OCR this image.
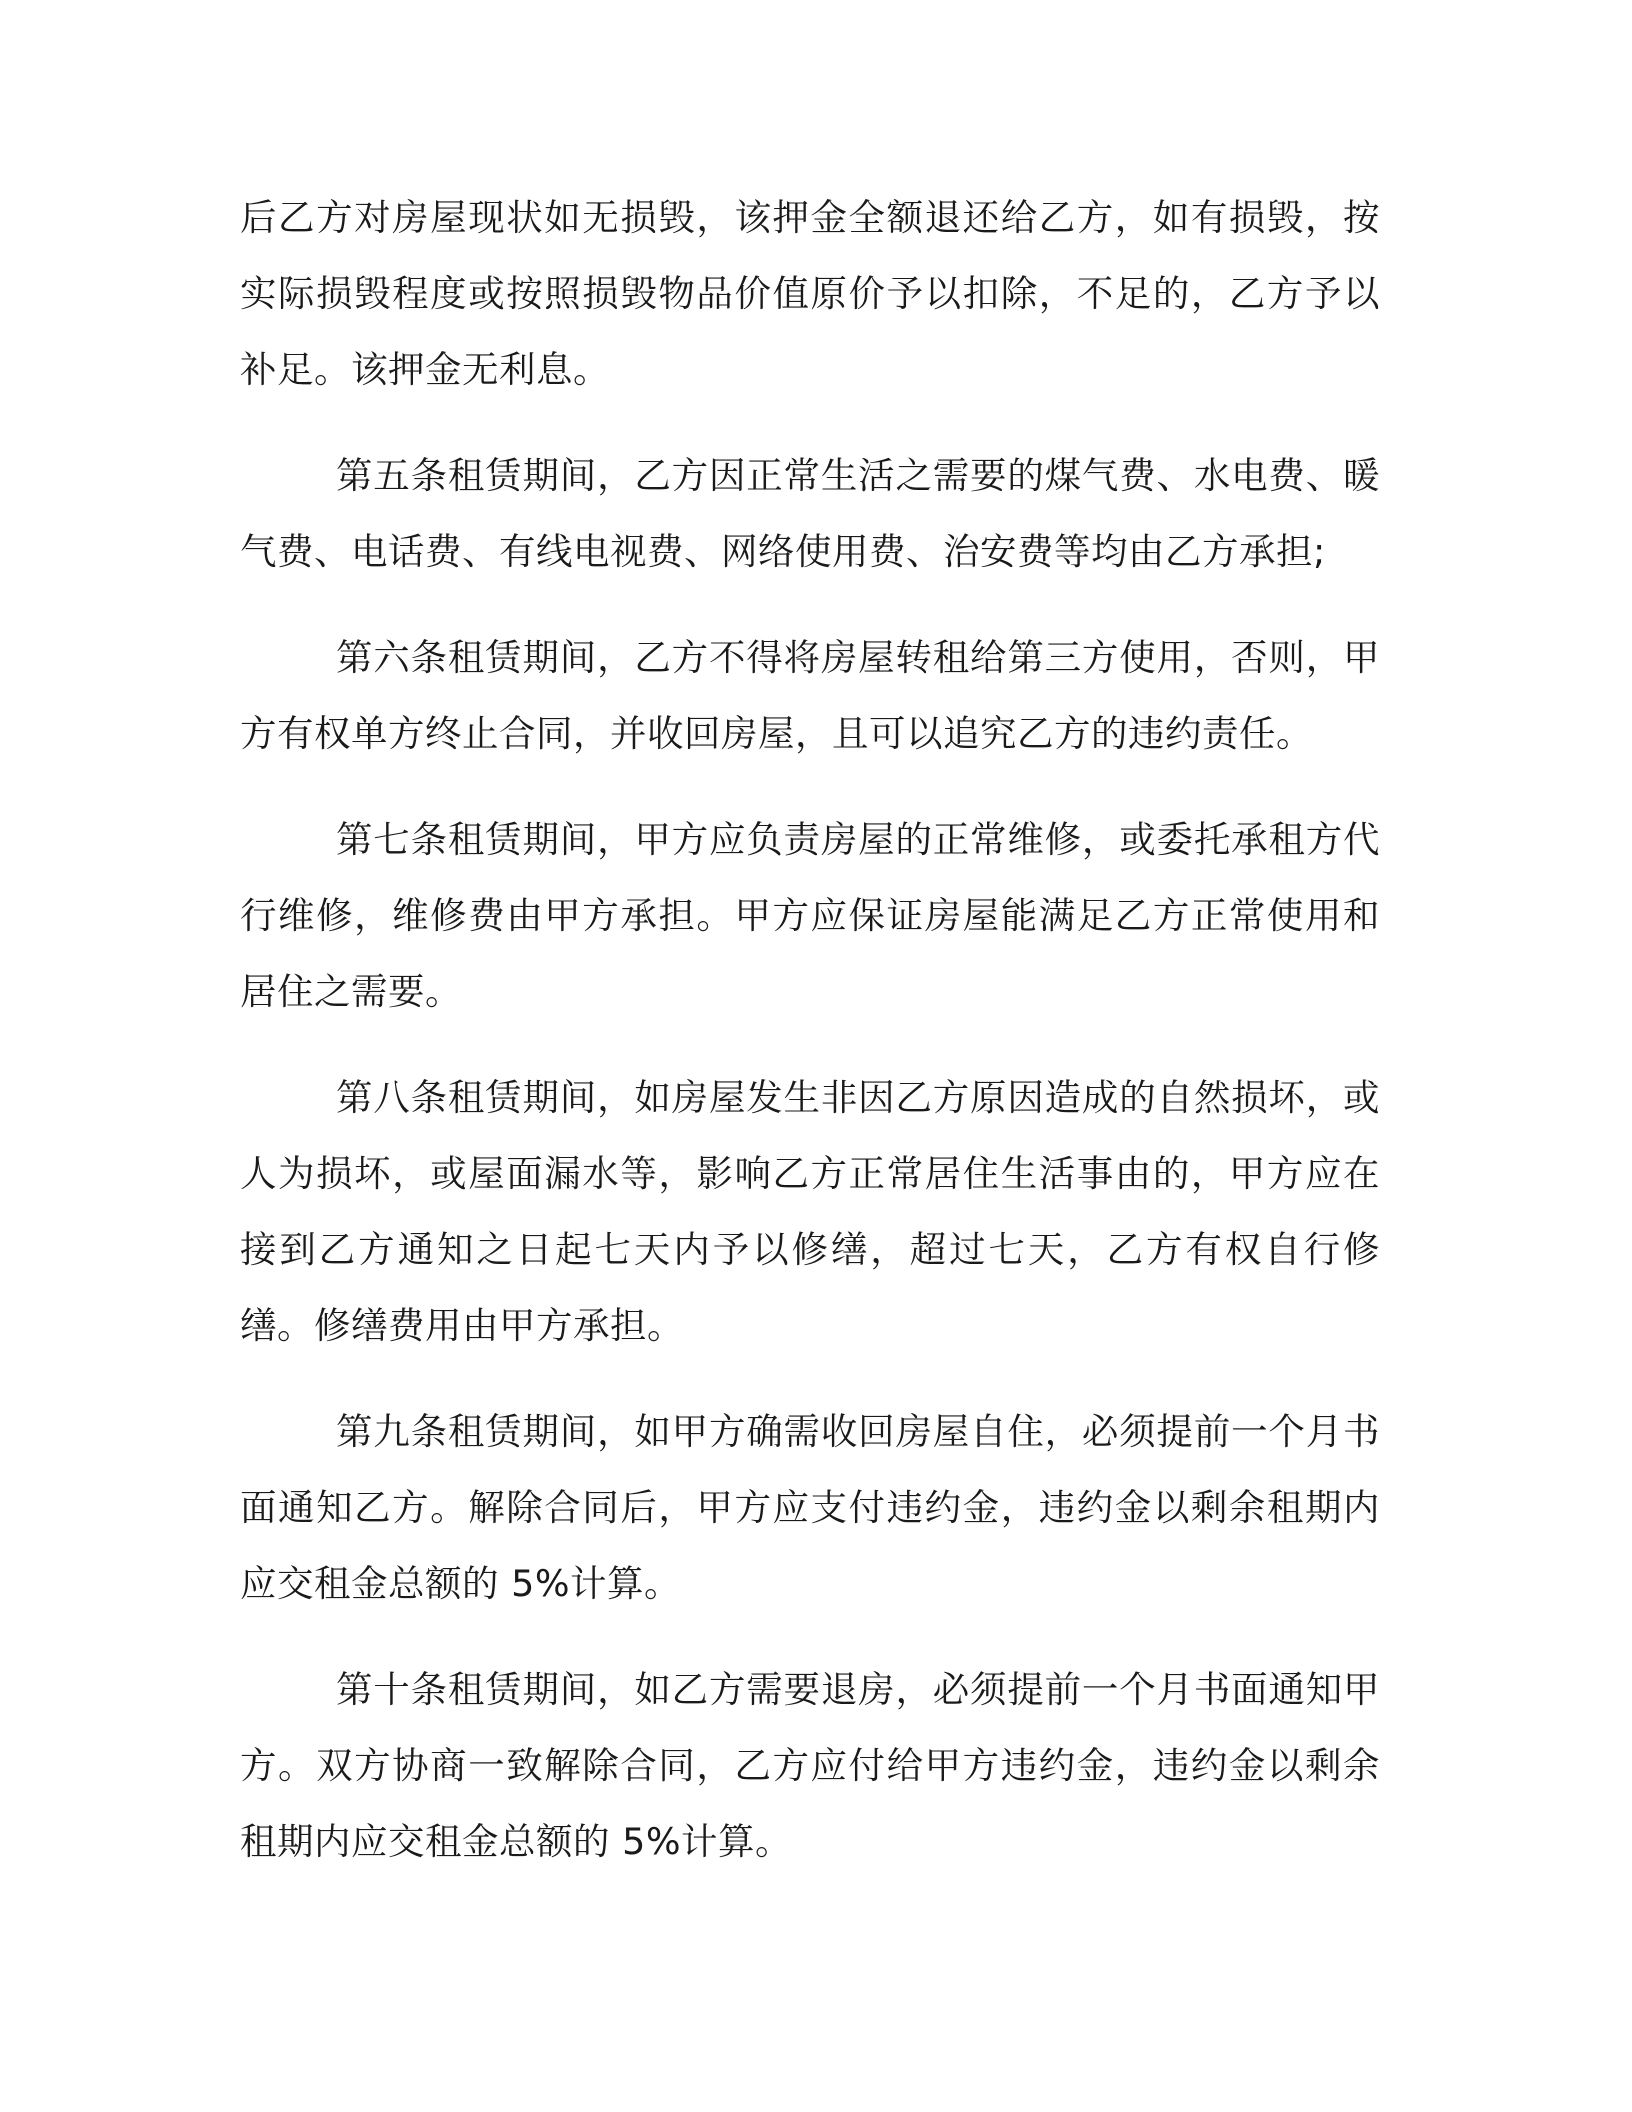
后乙方对房屋现状如无损毁，该押金全额退还给乙方，如有损毁，按实际损毁程度或按照损毁物品价值原价予以扣除，不足的，乙方予以补足。该押金无利息。

第五条租赁期间，乙方因正常生活之需要的煤气费、水电费、暖气费、电话费、有线电视费、网络使用费、治安费等均由乙方承担;

第六条租赁期间，乙方不得将房屋转租给第三方使用，否则，甲方有权单方终止合同，并收回房屋，且可以追究乙方的违约责任。

第七条租赁期间，甲方应负责房屋的正常维修，或委托承租方代行维修，维修费由甲方承担。甲方应保证房屋能满足乙方正常使用和居住之需要。

第八条租赁期间，如房屋发生非因乙方原因造成的自然损坏，或人为损坏，或屋面漏水等，影响乙方正常居住生活事由的，甲方应在接到乙方通知之日起七天内予以修缮，超过七天，乙方有权自行修缮。修缮费用由甲方承担。

第九条租赁期间，如甲方确需收回房屋自住，必须提前一个月书面通知乙方。解除合同后，甲方应支付违约金，违约金以剩余租期内应交租金总额的 5%计算。

第十条租赁期间，如乙方需要退房，必须提前一个月书面通知甲方。双方协商一致解除合同，乙方应付给甲方违约金，违约金以剩余租期内应交租金总额的 5%计算。
